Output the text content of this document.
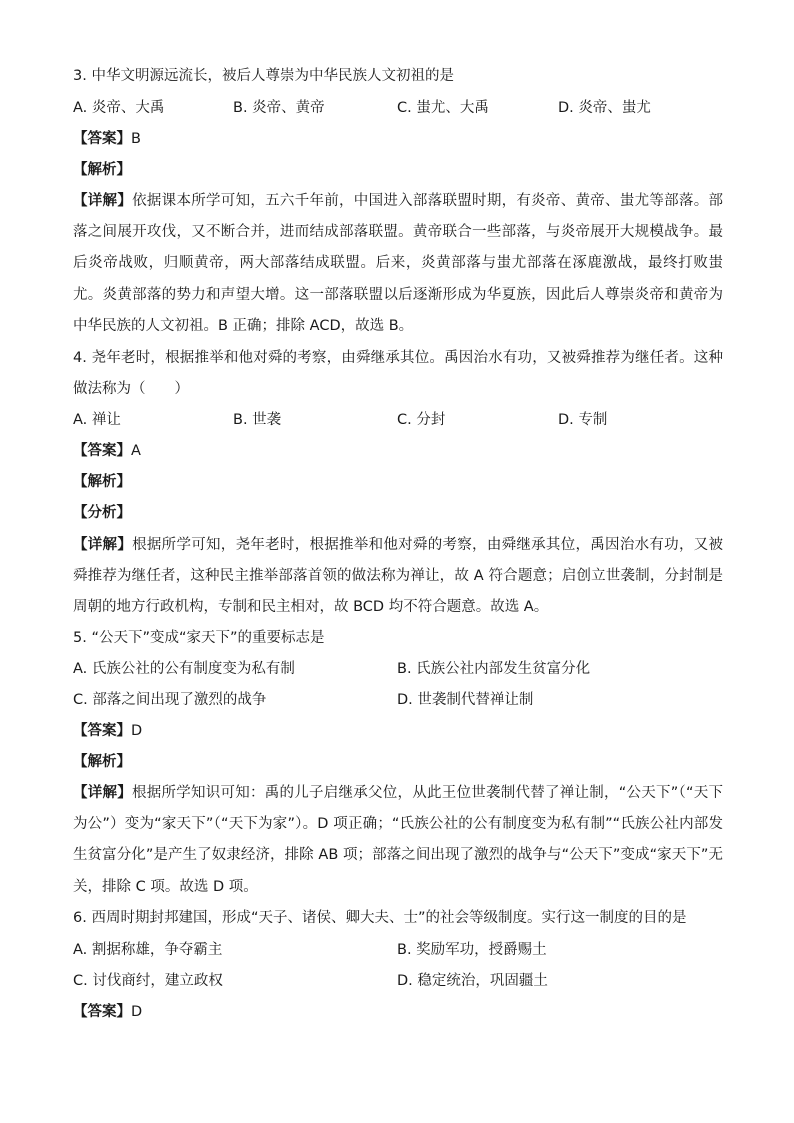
3. 中华文明源远流长，被后人尊崇为中华民族人文初祖的是
A. 炎帝、大禹	B. 炎帝、黄帝	C. 蚩尤、大禹	D. 炎帝、蚩尤
【答案】B
【解析】
【详解】依据课本所学可知，五六千年前，中国进入部落联盟时期，有炎帝、黄帝、蚩尤等部落。部落之间展开攻伐，又不断合并，进而结成部落联盟。黄帝联合一些部落，与炎帝展开大规模战争。最后炎帝战败，归顺黄帝，两大部落结成联盟。后来，炎黄部落与蚩尤部落在涿鹿激战，最终打败蚩尤。炎黄部落的势力和声望大增。这一部落联盟以后逐渐形成为华夏族，因此后人尊崇炎帝和黄帝为中华民族的人文初祖。B 正确；排除 ACD，故选 B。
4. 尧年老时，根据推举和他对舜的考察，由舜继承其位。禹因治水有功，又被舜推荐为继任者。这种做法称为（　　）
A. 禅让	B. 世袭	C. 分封	D. 专制
【答案】A
【解析】
【分析】
【详解】根据所学可知，尧年老时，根据推举和他对舜的考察，由舜继承其位，禹因治水有功，又被舜推荐为继任者，这种民主推举部落首领的做法称为禅让，故 A 符合题意；启创立世袭制，分封制是周朝的地方行政机构，专制和民主相对，故 BCD 均不符合题意。故选 A。
5. “公天下”变成“家天下”的重要标志是
A. 氏族公社的公有制度变为私有制	B. 氏族公社内部发生贫富分化
C. 部落之间出现了激烈的战争	D. 世袭制代替禅让制
【答案】D
【解析】
【详解】根据所学知识可知：禹的儿子启继承父位，从此王位世袭制代替了禅让制，“公天下”（“天下为公”）变为“家天下”（“天下为家”）。D 项正确；“氏族公社的公有制度变为私有制”“氏族公社内部发生贫富分化”是产生了奴隶经济，排除 AB 项；部落之间出现了激烈的战争与“公天下”变成“家天下”无关，排除 C 项。故选 D 项。
6. 西周时期封邦建国，形成“天子、诸侯、卿大夫、士”的社会等级制度。实行这一制度的目的是
A. 割据称雄，争夺霸主	B. 奖励军功，授爵赐土
C. 讨伐商纣，建立政权	D. 稳定统治，巩固疆土
【答案】D
